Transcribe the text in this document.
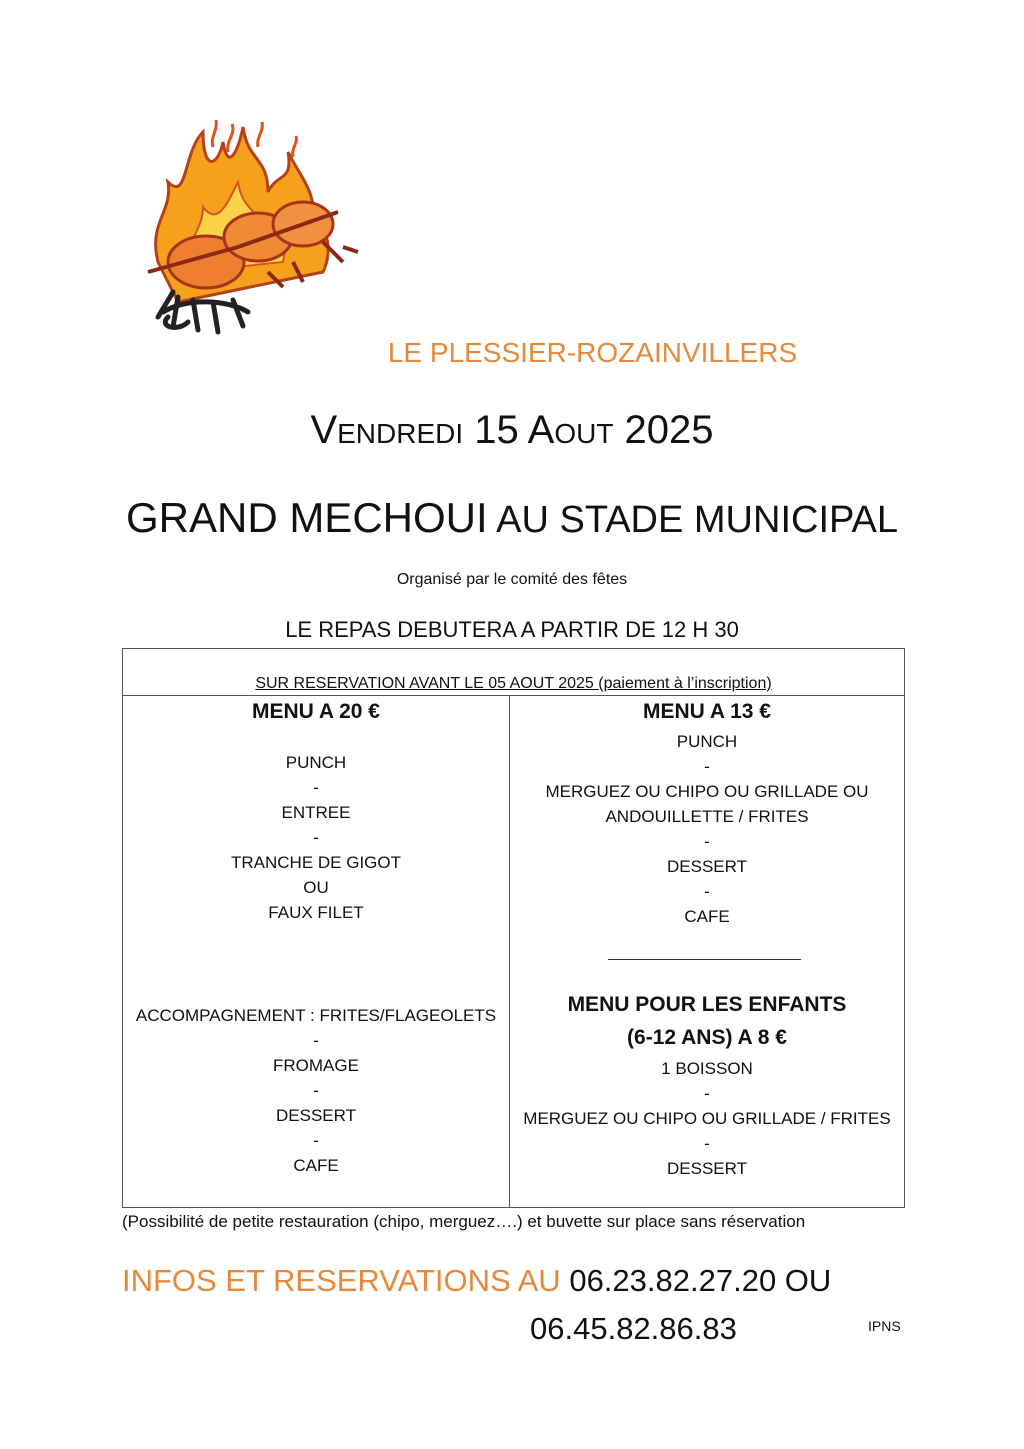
LE PLESSIER-ROZAINVILLERS
Vendredi 15 Aout 2025
GRAND MECHOUI AU STADE MUNICIPAL
Organisé par le comité des fêtes
LE REPAS DEBUTERA A PARTIR DE 12 H 30
SUR RESERVATION AVANT LE 05 AOUT 2025 (paiement à l’inscription)
MENU A 20 €
PUNCH
-
ENTREE
-
TRANCHE DE GIGOT
OU
FAUX FILET
ACCOMPAGNEMENT : FRITES/FLAGEOLETS
-
FROMAGE
-
DESSERT
-
CAFE
MENU A 13 €
PUNCH
-
MERGUEZ OU CHIPO OU GRILLADE OU
ANDOUILLETTE / FRITES
-
DESSERT
-
CAFE
MENU POUR LES ENFANTS
(6-12 ANS) A 8 €
1 BOISSON
-
MERGUEZ OU CHIPO OU GRILLADE / FRITES
-
DESSERT
(Possibilité de petite restauration (chipo, merguez….) et buvette sur place sans réservation
INFOS ET RESERVATIONS AU 06.23.82.27.20 OU
06.45.82.86.83	IPNS
